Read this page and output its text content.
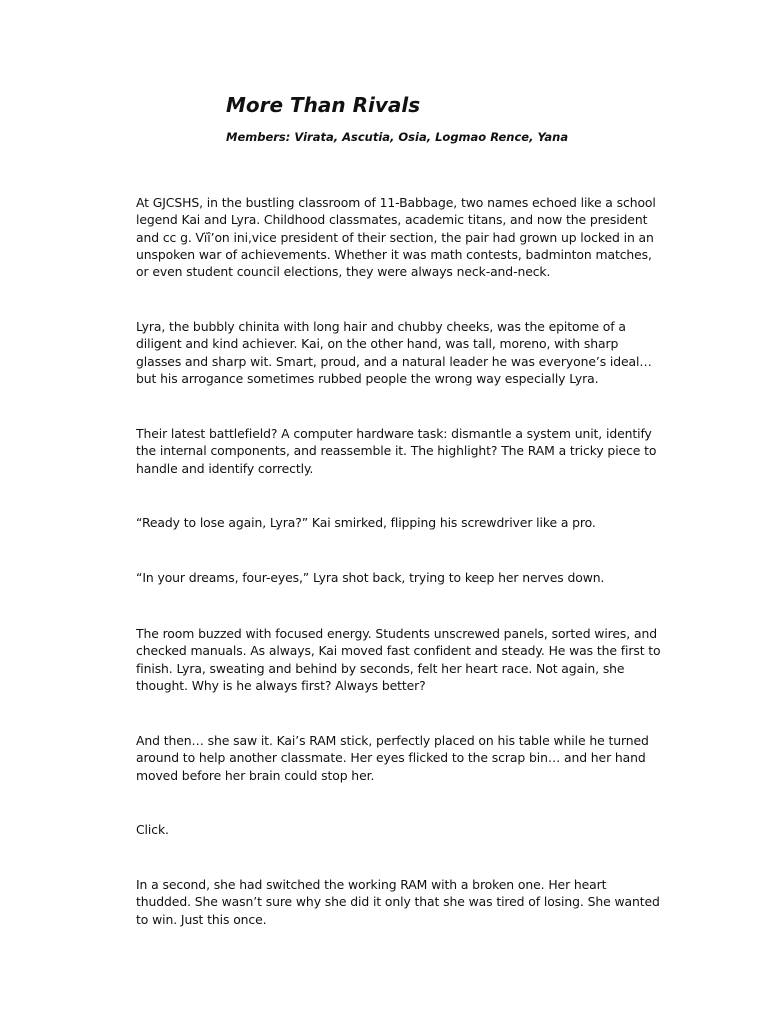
More Than Rivals

Members: Virata, Ascutia, Osia, Logmao Rence, Yana

At GJCSHS, in the bustling classroom of 11-Babbage, two names echoed like a school
legend Kai and Lyra. Childhood classmates, academic titans, and now the president
and cc g. Vïî’on ini,vice president of their section, the pair had grown up locked in an
unspoken war of achievements. Whether it was math contests, badminton matches,
or even student council elections, they were always neck-and-neck.

Lyra, the bubbly chinita with long hair and chubby cheeks, was the epitome of a
diligent and kind achiever. Kai, on the other hand, was tall, moreno, with sharp
glasses and sharp wit. Smart, proud, and a natural leader he was everyone’s ideal…
but his arrogance sometimes rubbed people the wrong way especially Lyra.

Their latest battlefield? A computer hardware task: dismantle a system unit, identify
the internal components, and reassemble it. The highlight? The RAM a tricky piece to
handle and identify correctly.

“Ready to lose again, Lyra?” Kai smirked, flipping his screwdriver like a pro.

“In your dreams, four-eyes,” Lyra shot back, trying to keep her nerves down.

The room buzzed with focused energy. Students unscrewed panels, sorted wires, and
checked manuals. As always, Kai moved fast confident and steady. He was the first to
finish. Lyra, sweating and behind by seconds, felt her heart race. Not again, she
thought. Why is he always first? Always better?

And then… she saw it. Kai’s RAM stick, perfectly placed on his table while he turned
around to help another classmate. Her eyes flicked to the scrap bin… and her hand
moved before her brain could stop her.

Click.

In a second, she had switched the working RAM with a broken one. Her heart
thudded. She wasn’t sure why she did it only that she was tired of losing. She wanted
to win. Just this once.
